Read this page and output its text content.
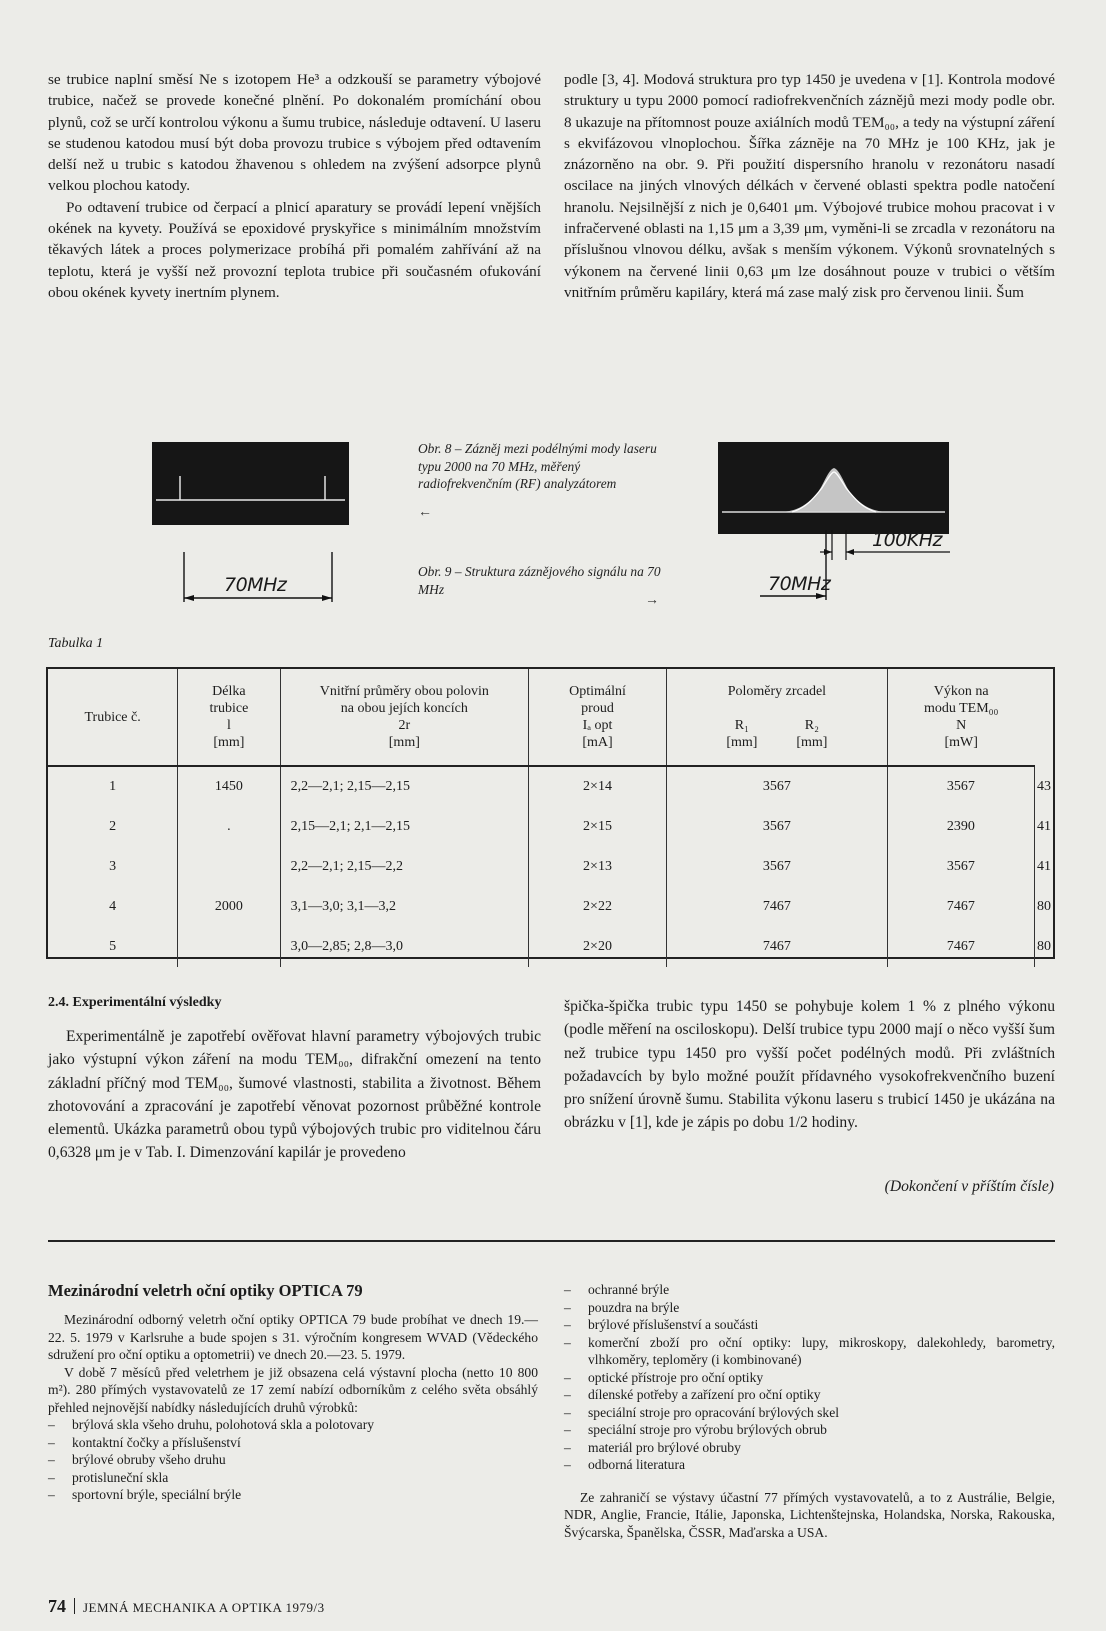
se trubice naplní směsí Ne s izotopem He³ a odzkouší se parametry výbojové trubice, načež se provede konečné plnění. Po dokonalém promíchání obou plynů, což se určí kontrolou výkonu a šumu trubice, následuje odtavení. U laseru se studenou katodou musí být doba provozu trubice s výbojem před odtavením delší než u trubic s katodou žhavenou s ohledem na zvýšení adsorpce plynů velkou plochou katody.

Po odtavení trubice od čerpací a plnicí aparatury se provádí lepení vnějších okének na kyvety. Používá se epoxidové pryskyřice s minimálním množstvím těkavých látek a proces polymerizace probíhá při pomalém zahřívání až na teplotu, která je vyšší než provozní teplota trubice při současném ofukování obou okének kyvety inertním plynem.

podle [3, 4]. Modová struktura pro typ 1450 je uvedena v [1]. Kontrola modové struktury u typu 2000 pomocí radiofrekvenčních záznějů mezi mody podle obr. 8 ukazuje na přítomnost pouze axiálních modů TEM₀₀, a tedy na výstupní záření s ekvifázovou vlnoplochou. Šířka záznĕje na 70 MHz je 100 KHz, jak je znázorněno na obr. 9. Při použití dispersního hranolu v rezonátoru nasadí oscilace na jiných vlnových délkách v červené oblasti spektra podle natočení hranolu. Nejsilnější z nich je 0,6401 μm. Výbojové trubice mohou pracovat i v infračervené oblasti na 1,15 μm a 3,39 μm, vyměni-li se zrcadla v rezonátoru na příslušnou vlnovou délku, avšak s menším výkonem. Výkonů srovnatelných s výkonem na červené linii 0,63 μm lze dosáhnout pouze v trubici o větším vnitřním průměru kapiláry, která má zase malý zisk pro červenou linii. Šum

70MHz
Obr. 8 – Zázněj mezi podélnými mody laseru typu 2000 na 70 MHz, měřený radiofrekvenčním (RF) analyzátorem
←
Obr. 9 – Struktura záznějového signálu na 70 MHz
→
100KHz
70MHz
Tabulka 1
Trubice č.	Délka
trubice
l
[mm]	Vnitřní průměry obou polovin
na obou jejích koncích
2r
[mm]	Optimální
proud
Iₐ opt
[mA]	Poloměry zrcadel

R₁ R₂
[mm] [mm]	Výkon na
modu TEM₀₀
N
[mW]	
1	1450	2,2—2,1; 2,15—2,15	2×14	3567	3567	43
2	.	2,15—2,1; 2,1—2,15	2×15	3567	2390	41
3		2,2—2,1; 2,15—2,2	2×13	3567	3567	41
4	2000	3,1—3,0; 3,1—3,2	2×22	7467	7467	80
5		3,0—2,85; 2,8—3,0	2×20	7467	7467	80
2.4. Experimentální výsledky

Experimentálně je zapotřebí ověřovat hlavní parametry výbojových trubic jako výstupní výkon záření na modu TEM₀₀, difrakční omezení na tento základní příčný mod TEM₀₀, šumové vlastnosti, stabilita a životnost. Během zhotovování a zpracování je zapotřebí věnovat pozornost průběžné kontrole elementů. Ukázka parametrů obou typů výbojových trubic pro viditelnou čáru 0,6328 μm je v Tab. I. Dimenzování kapilár je provedeno

špička-špička trubic typu 1450 se pohybuje kolem 1 % z plného výkonu (podle měření na osciloskopu). Delší trubice typu 2000 mají o něco vyšší šum než trubice typu 1450 pro vyšší počet podélných modů. Při zvláštních požadavcích by bylo možné použít přídavného vysokofrekvenčního buzení pro snížení úrovně šumu. Stabilita výkonu laseru s trubicí 1450 je ukázána na obrázku v [1], kde je zápis po dobu 1/2 hodiny.

(Dokončení v příštím čísle)
Mezinárodní veletrh oční optiky OPTICA 79

Mezinárodní odborný veletrh oční optiky OPTICA 79 bude probíhat ve dnech 19.—22. 5. 1979 v Karlsruhe a bude spojen s 31. výročním kongresem WVAD (Vědeckého sdružení pro oční optiku a optometrii) ve dnech 20.—23. 5. 1979.

V době 7 měsíců před veletrhem je již obsazena celá výstavní plocha (netto 10 800 m²). 280 přímých vystavovatelů ze 17 zemí nabízí odborníkům z celého světa obsáhlý přehled nejnovější nabídky následujících druhů výrobků:

– brýlová skla všeho druhu, polohotová skla a polotovary
– kontaktní čočky a příslušenství
– brýlové obruby všeho druhu
– protisluneční skla
– sportovní brýle, speciální brýle
– ochranné brýle
– pouzdra na brýle
– brýlové příslušenství a součásti
– komerční zboží pro oční optiky: lupy, mikroskopy, dalekohledy, barometry, vlhkoměry, teploměry (i kombinované)
– optické přístroje pro oční optiky
– dílenské potřeby a zařízení pro oční optiky
– speciální stroje pro opracování brýlových skel
– speciální stroje pro výrobu brýlových obrub
– materiál pro brýlové obruby
– odborná literatura

Ze zahraničí se výstavy účastní 77 přímých vystavovatelů, a to z Austrálie, Belgie, NDR, Anglie, Francie, Itálie, Japonska, Lichtenštejnska, Holandska, Norska, Rakouska, Švýcarska, Španělska, ČSSR, Maďarska a USA.

74 JEMNÁ MECHANIKA A OPTIKA 1979/3
